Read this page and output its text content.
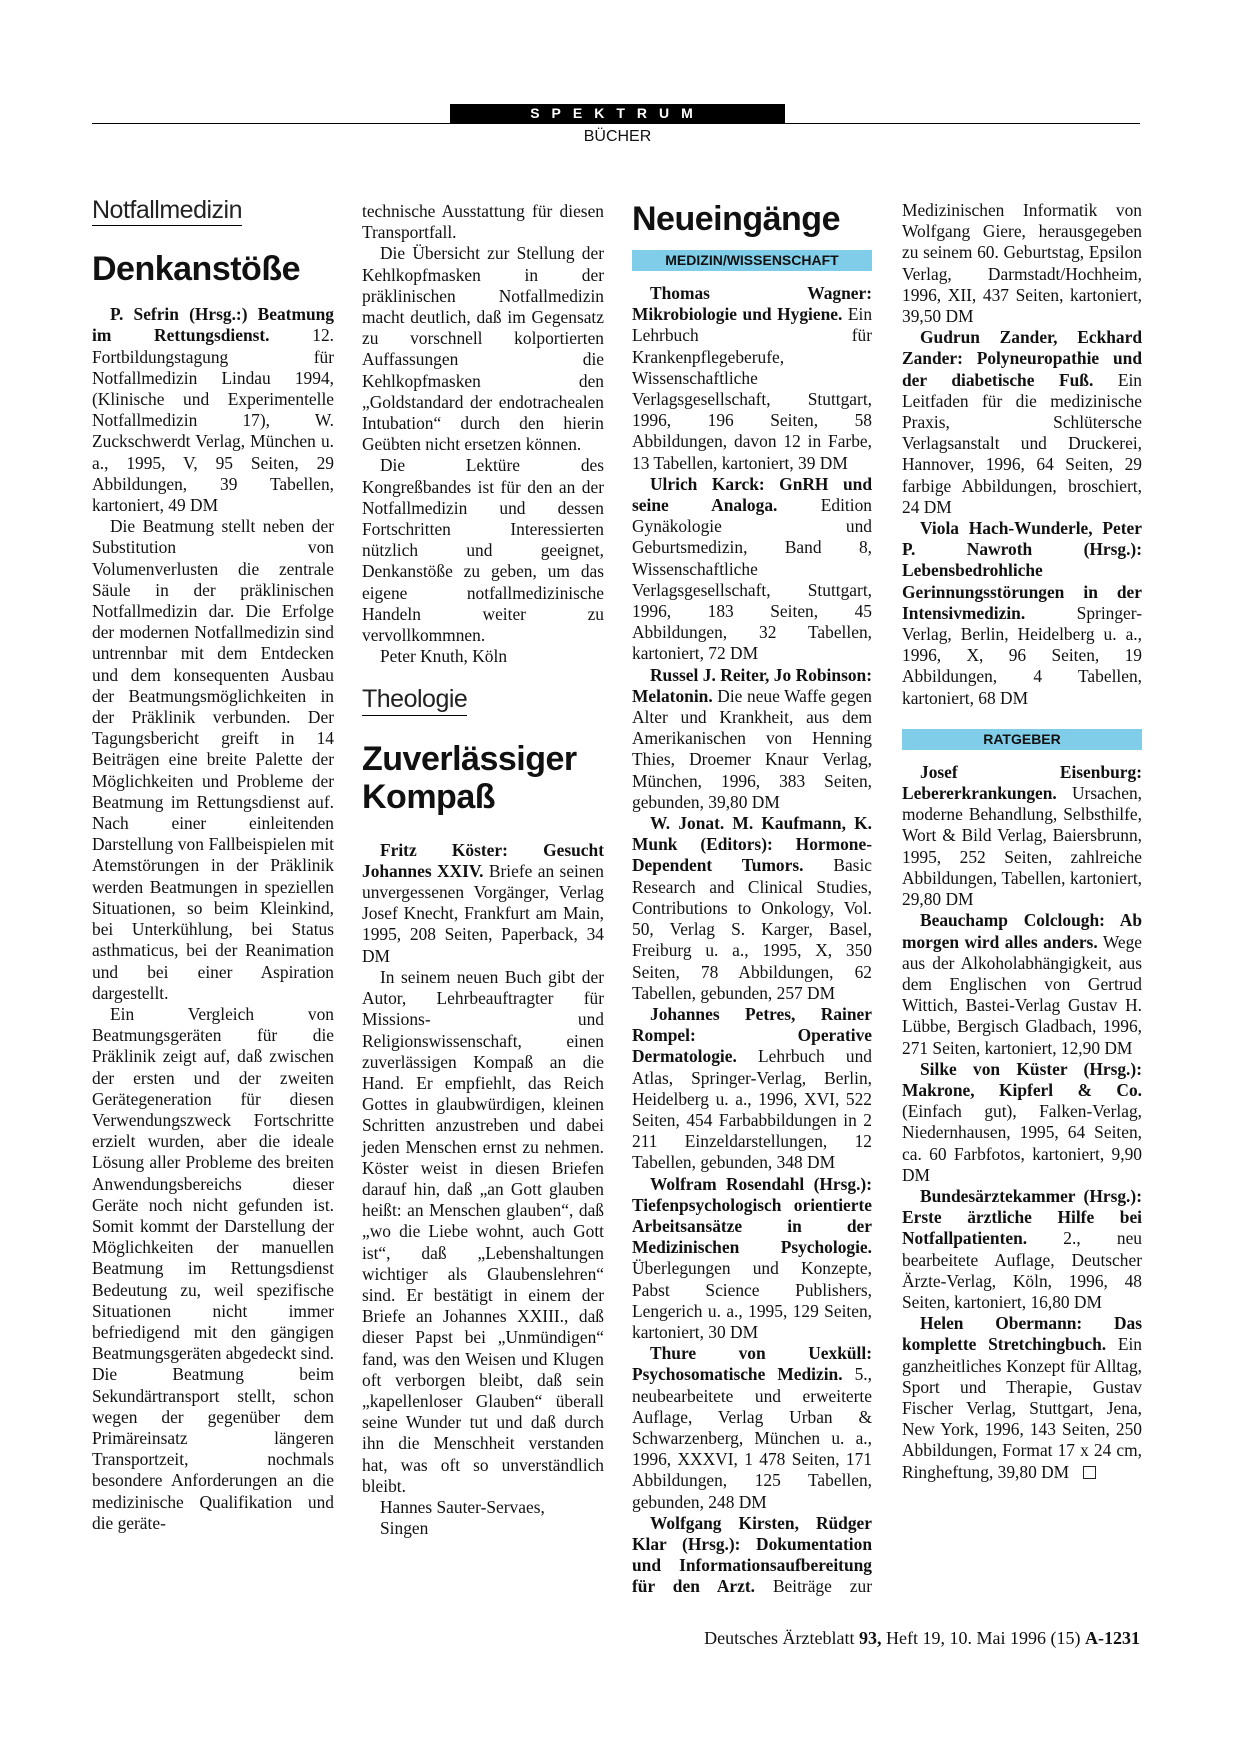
SPEKTRUM
BÜCHER
Notfallmedizin
Denkanstöße

P. Sefrin (Hrsg.:) Beatmung im Rettungsdienst. 12. Fortbildungstagung für Notfallmedizin Lindau 1994, (Klinische und Experimentelle Notfallmedizin 17), W. Zuckschwerdt Verlag, München u. a., 1995, V, 95 Seiten, 29 Abbildungen, 39 Tabellen, kartoniert, 49 DM

Die Beatmung stellt neben der Substitution von Volumenverlusten die zentrale Säule in der präklinischen Notfallmedizin dar. Die Erfolge der modernen Notfallmedizin sind untrennbar mit dem Entdecken und dem konsequenten Ausbau der Beatmungsmöglichkeiten in der Präklinik verbunden. Der Tagungsbericht greift in 14 Beiträgen eine breite Palette der Möglichkeiten und Probleme der Beatmung im Rettungsdienst auf. Nach einer einleitenden Darstellung von Fallbeispielen mit Atemstörungen in der Präklinik werden Beatmungen in speziellen Situationen, so beim Kleinkind, bei Unterkühlung, bei Status asthmaticus, bei der Reanimation und bei einer Aspiration dargestellt.

Ein Vergleich von Beatmungsgeräten für die Präklinik zeigt auf, daß zwischen der ersten und der zweiten Gerätegeneration für diesen Verwendungszweck Fortschritte erzielt wurden, aber die ideale Lösung aller Probleme des breiten Anwendungsbereichs dieser Geräte noch nicht gefunden ist. Somit kommt der Darstellung der Möglichkeiten der manuellen Beatmung im Rettungsdienst Bedeutung zu, weil spezifische Situationen nicht immer befriedigend mit den gängigen Beatmungsgeräten abgedeckt sind. Die Beatmung beim Sekundärtransport stellt, schon wegen der gegenüber dem Primäreinsatz längeren Transportzeit, nochmals besondere Anforderungen an die medizinische Qualifikation und die geräte-

technische Ausstattung für diesen Transportfall.

Die Übersicht zur Stellung der Kehlkopfmasken in der präklinischen Notfallmedizin macht deutlich, daß im Gegensatz zu vorschnell kolportierten Auffassungen die Kehlkopfmasken den „Goldstandard der endotrachealen Intubation“ durch den hierin Geübten nicht ersetzen können.

Die Lektüre des Kongreßbandes ist für den an der Notfallmedizin und dessen Fortschritten Interessierten nützlich und geeignet, Denkanstöße zu geben, um das eigene notfallmedizinische Handeln weiter zu vervollkommnen.

Peter Knuth, Köln

Theologie
Zuverlässiger Kompaß

Fritz Köster: Gesucht Johannes XXIV. Briefe an seinen unvergessenen Vorgänger, Verlag Josef Knecht, Frankfurt am Main, 1995, 208 Seiten, Paperback, 34 DM

In seinem neuen Buch gibt der Autor, Lehrbeauftragter für Missions- und Religionswissenschaft, einen zuverlässigen Kompaß an die Hand. Er empfiehlt, das Reich Gottes in glaubwürdigen, kleinen Schritten anzustreben und dabei jeden Menschen ernst zu nehmen. Köster weist in diesen Briefen darauf hin, daß „an Gott glauben heißt: an Menschen glauben“, daß „wo die Liebe wohnt, auch Gott ist“, daß „Lebenshaltungen wichtiger als Glaubenslehren“ sind. Er bestätigt in einem der Briefe an Johannes XXIII., daß dieser Papst bei „Unmündigen“ fand, was den Weisen und Klugen oft verborgen bleibt, daß sein „kapellenloser Glauben“ überall seine Wunder tut und daß durch ihn die Menschheit verstanden hat, was oft so unverständlich bleibt.

Hannes Sauter-Servaes,

Singen

Neueingänge
MEDIZIN/WISSENSCHAFT

Thomas Wagner: Mikrobiologie und Hygiene. Ein Lehrbuch für Krankenpflegeberufe, Wissenschaftliche Verlagsgesellschaft, Stuttgart, 1996, 196 Seiten, 58 Abbildungen, davon 12 in Farbe, 13 Tabellen, kartoniert, 39 DM

Ulrich Karck: GnRH und seine Analoga. Edition Gynäkologie und Geburtsmedizin, Band 8, Wissenschaftliche Verlagsgesellschaft, Stuttgart, 1996, 183 Seiten, 45 Abbildungen, 32 Tabellen, kartoniert, 72 DM

Russel J. Reiter, Jo Robinson: Melatonin. Die neue Waffe gegen Alter und Krankheit, aus dem Amerikanischen von Henning Thies, Droemer Knaur Verlag, München, 1996, 383 Seiten, gebunden, 39,80 DM

W. Jonat. M. Kaufmann, K. Munk (Editors): Hormone-Dependent Tumors. Basic Research and Clinical Studies, Contributions to Onkology, Vol. 50, Verlag S. Karger, Basel, Freiburg u. a., 1995, X, 350 Seiten, 78 Abbildungen, 62 Tabellen, gebunden, 257 DM

Johannes Petres, Rainer Rompel: Operative Dermatologie. Lehrbuch und Atlas, Springer-Verlag, Berlin, Heidelberg u. a., 1996, XVI, 522 Seiten, 454 Farbabbildungen in 2 211 Einzeldarstellungen, 12 Tabellen, gebunden, 348 DM

Wolfram Rosendahl (Hrsg.): Tiefenpsychologisch orientierte Arbeitsansätze in der Medizinischen Psychologie. Überlegungen und Konzepte, Pabst Science Publishers, Lengerich u. a., 1995, 129 Seiten, kartoniert, 30 DM

Thure von Uexküll: Psychosomatische Medizin. 5., neubearbeitete und erweiterte Auflage, Verlag Urban & Schwarzenberg, München u. a., 1996, XXXVI, 1 478 Seiten, 171 Abbildungen, 125 Tabellen, gebunden, 248 DM

Wolfgang Kirsten, Rüdger Klar (Hrsg.): Dokumentation und Informationsaufbereitung für den Arzt. Beiträge zur Medizinischen Informatik von Wolfgang Giere, herausgegeben zu seinem 60. Geburtstag, Epsilon Verlag, Darmstadt/Hochheim, 1996, XII, 437 Seiten, kartoniert, 39,50 DM

Gudrun Zander, Eckhard Zander: Polyneuropathie und der diabetische Fuß. Ein Leitfaden für die medizinische Praxis, Schlütersche Verlagsanstalt und Druckerei, Hannover, 1996, 64 Seiten, 29 farbige Abbildungen, broschiert, 24 DM

Viola Hach-Wunderle, Peter P. Nawroth (Hrsg.): Lebensbedrohliche Gerinnungsstörungen in der Intensivmedizin. Springer-Verlag, Berlin, Heidelberg u. a., 1996, X, 96 Seiten, 19 Abbildungen, 4 Tabellen, kartoniert, 68 DM

RATGEBER

Josef Eisenburg: Lebererkrankungen. Ursachen, moderne Behandlung, Selbsthilfe, Wort & Bild Verlag, Baiersbrunn, 1995, 252 Seiten, zahlreiche Abbildungen, Tabellen, kartoniert, 29,80 DM

Beauchamp Colclough: Ab morgen wird alles anders. Wege aus der Alkoholabhängigkeit, aus dem Englischen von Gertrud Wittich, Bastei-Verlag Gustav H. Lübbe, Bergisch Gladbach, 1996, 271 Seiten, kartoniert, 12,90 DM

Silke von Küster (Hrsg.): Makrone, Kipferl & Co. (Einfach gut), Falken-Verlag, Niedernhausen, 1995, 64 Seiten, ca. 60 Farbfotos, kartoniert, 9,90 DM

Bundesärztekammer (Hrsg.): Erste ärztliche Hilfe bei Notfallpatienten. 2., neu bearbeitete Auflage, Deutscher Ärzte-Verlag, Köln, 1996, 48 Seiten, kartoniert, 16,80 DM

Helen Obermann: Das komplette Stretchingbuch. Ein ganzheitliches Konzept für Alltag, Sport und Therapie, Gustav Fischer Verlag, Stuttgart, Jena, New York, 1996, 143 Seiten, 250 Abbildungen, Format 17 x 24 cm, Ringheftung, 39,80 DM

Deutsches Ärzteblatt 93, Heft 19, 10. Mai 1996 (15) A-1231
